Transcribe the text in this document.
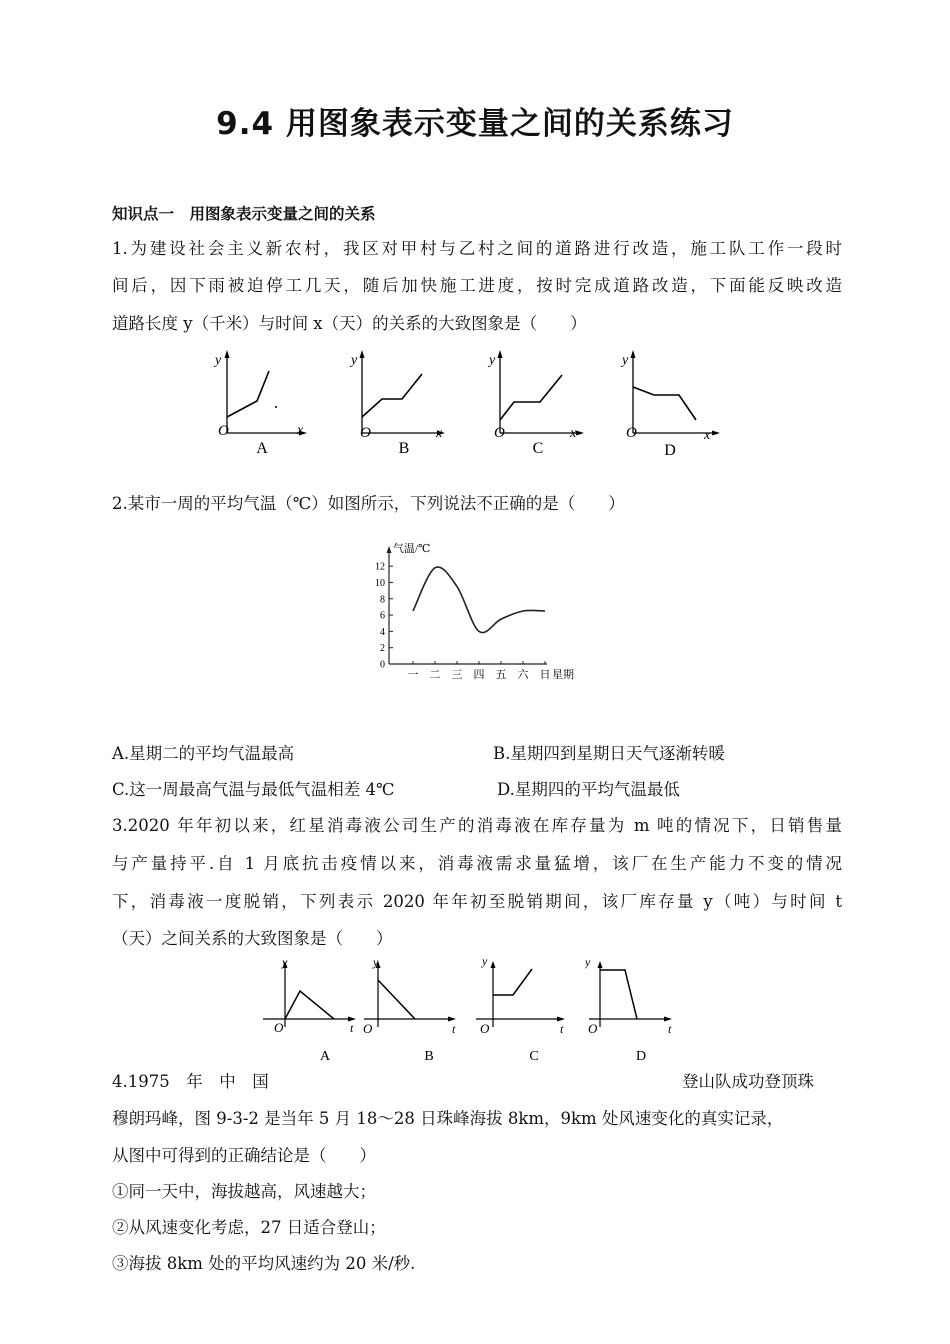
9.4 用图象表示变量之间的关系练习
知识点一　用图象表示变量之间的关系
1.为建设社会主义新农村，我区对甲村与乙村之间的道路进行改造，施工队工作一段时
间后，因下雨被迫停工几天，随后加快施工进度，按时完成道路改造，下面能反映改造
道路长度 y（千米）与时间 x（天）的关系的大致图象是（　　）
y
O	x
A
y
O	x
B
y
O	x
C
y
O	x
D
2.某市一周的平均气温（℃）如图所示，下列说法不正确的是（　　）
0
2
4
6
8
10
12
一 二 三 四 五 六 日
气温/℃
星期
A.星期二的平均气温最高	B.星期四到星期日天气逐渐转暖
C.这一周最高气温与最低气温相差 4℃	D.星期四的平均气温最低
3.2020 年年初以来，红星消毒液公司生产的消毒液在库存量为 m 吨的情况下，日销售量
与产量持平.自 1 月底抗击疫情以来，消毒液需求量猛增，该厂在生产能力不变的情况
下，消毒液一度脱销，下列表示 2020 年年初至脱销期间，该厂库存量 y（吨）与时间 t
（天）之间关系的大致图象是（　　）
y
O	t
A
y
O	t
B
y
O	t
C
y
O	t
D
4.1975　年　中　国	登山队成功登顶珠
穆朗玛峰，图 9-3-2 是当年 5 月 18～28 日珠峰海拔 8km，9km 处风速变化的真实记录，
从图中可得到的正确结论是（　　）
①同一天中，海拔越高，风速越大；
②从风速变化考虑，27 日适合登山；
③海拔 8km 处的平均风速约为 20 米/秒.
